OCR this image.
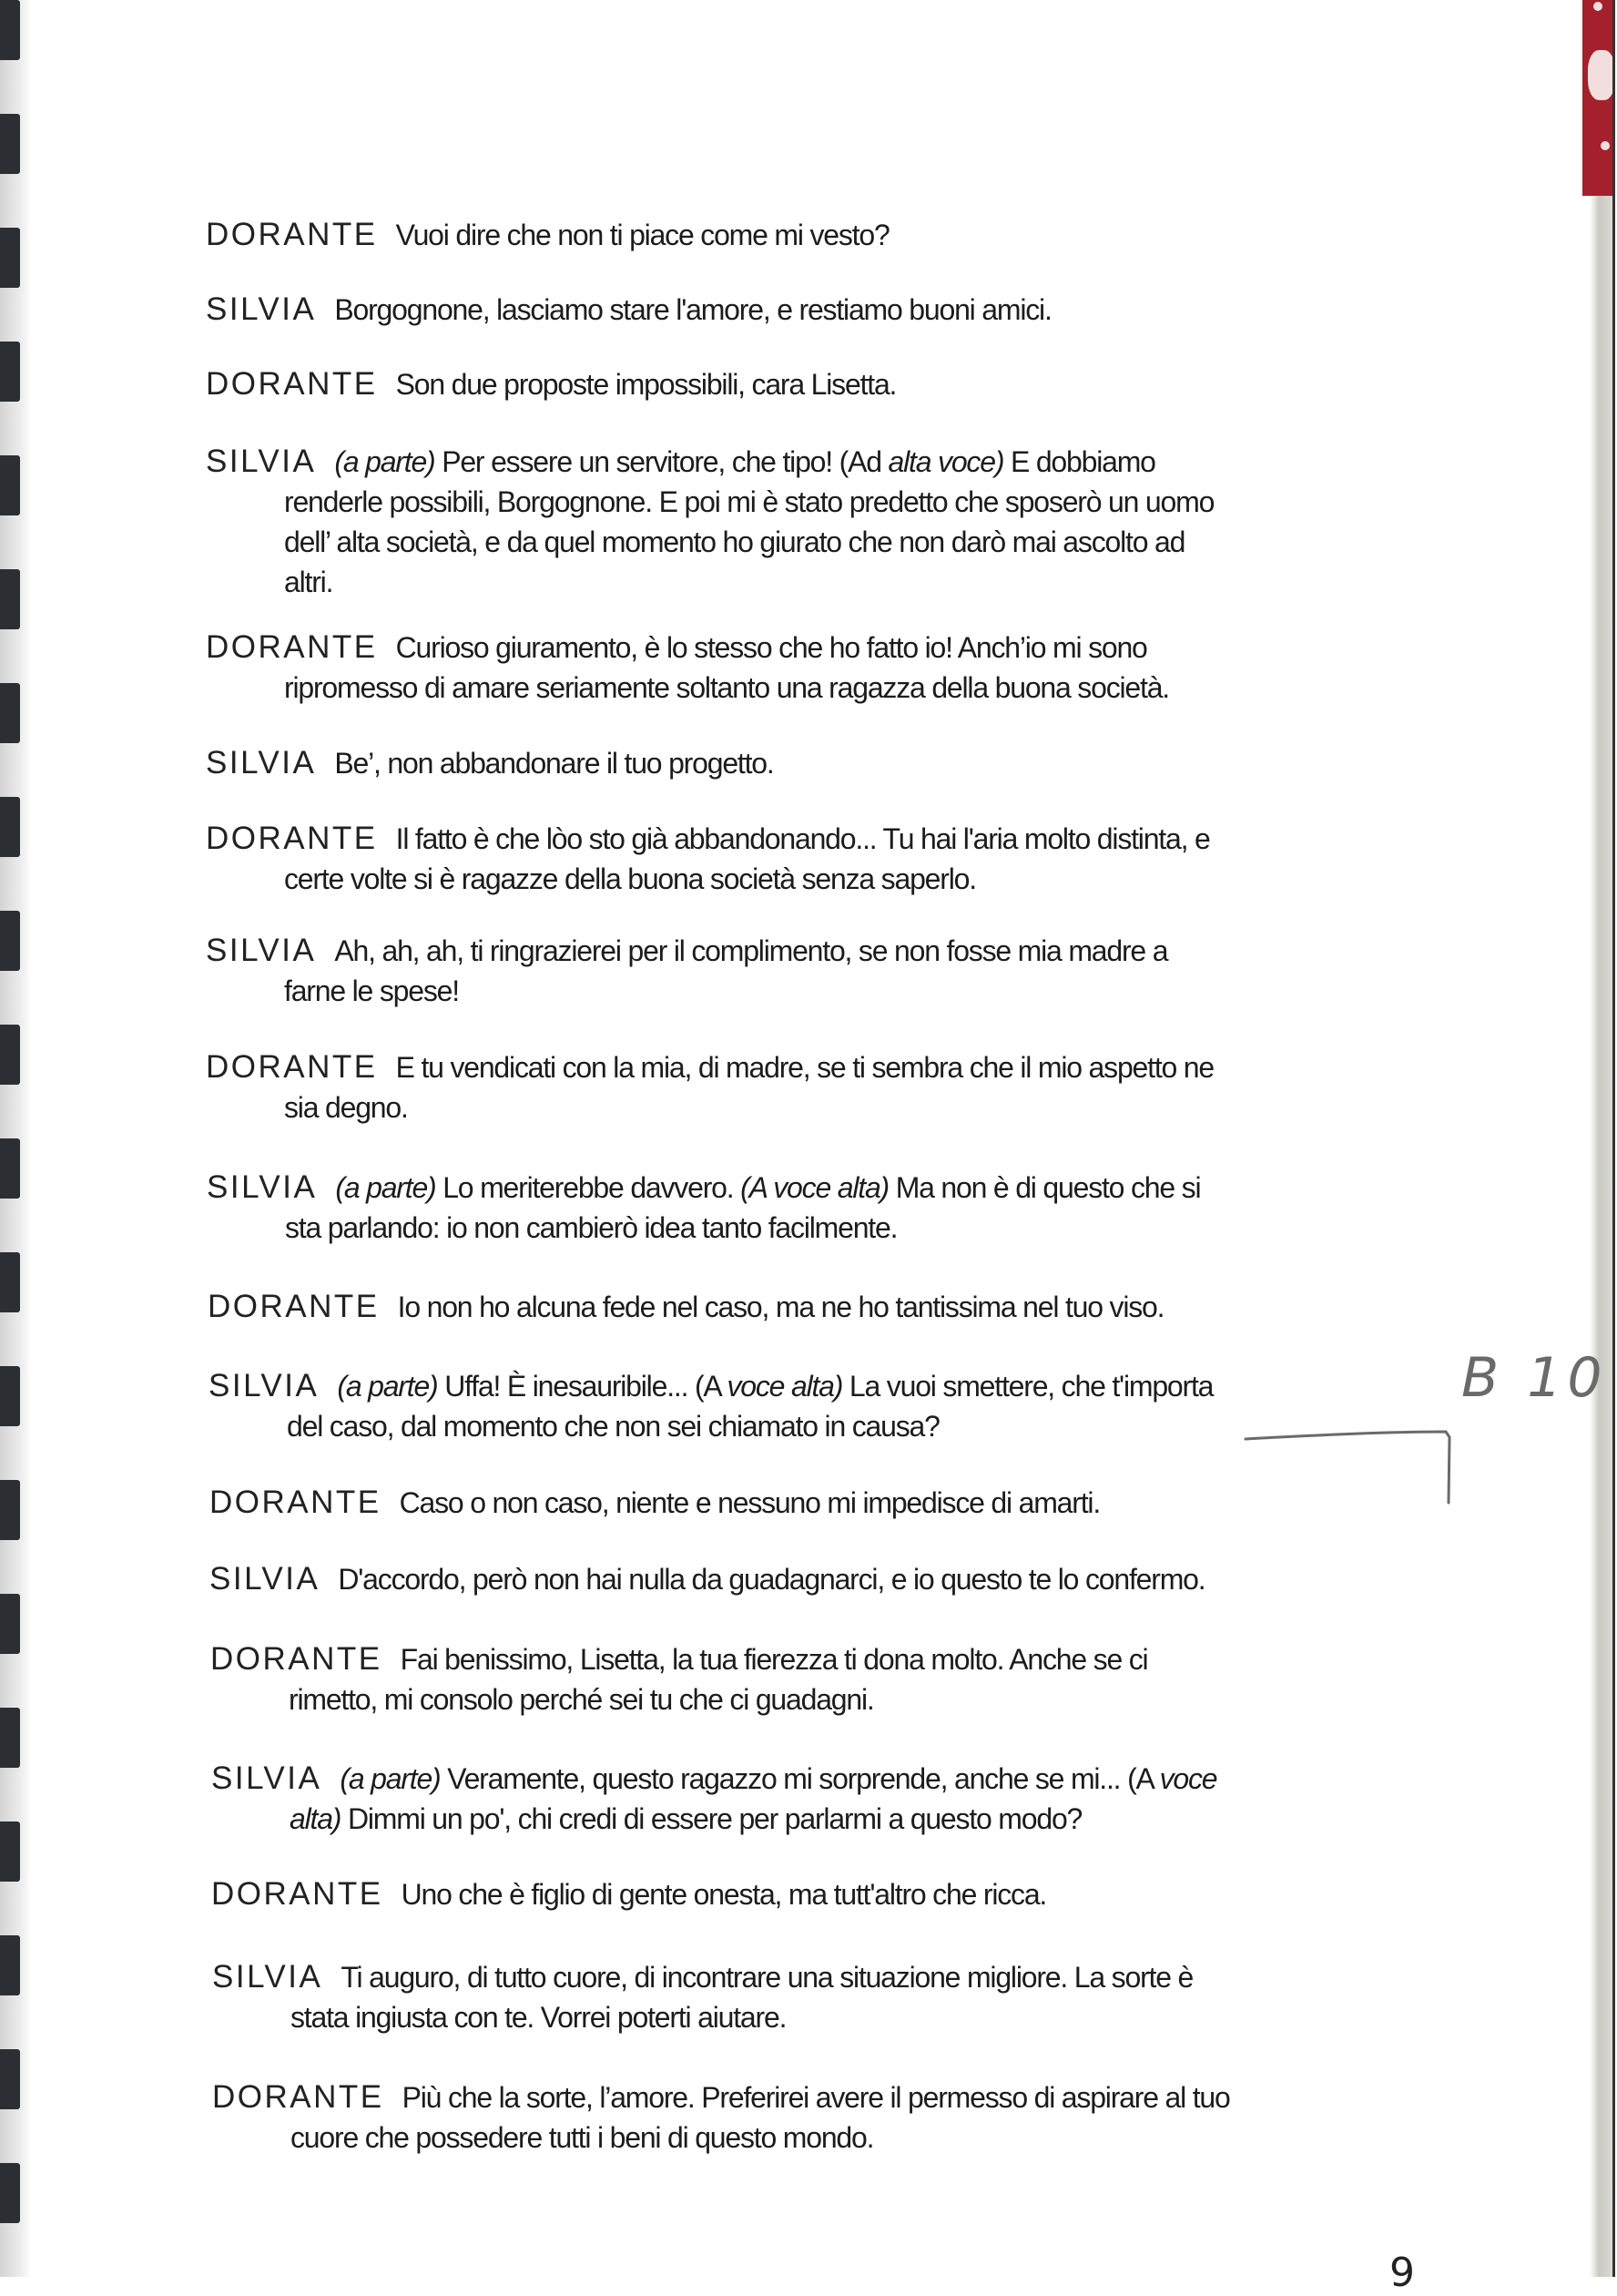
DORANTE Vuoi dire che non ti piace come mi vesto?
SILVIA Borgognone, lasciamo stare l'amore, e restiamo buoni amici.
DORANTE Son due proposte impossibili, cara Lisetta.
SILVIA (a parte) Per essere un servitore, che tipo! (Ad alta voce) E dobbiamo
renderle possibili, Borgognone. E poi mi è stato predetto che sposerò un uomo
dell’ alta società, e da quel momento ho giurato che non darò mai ascolto ad
altri.
DORANTE Curioso giuramento, è lo stesso che ho fatto io! Anch’io mi sono
ripromesso di amare seriamente soltanto una ragazza della buona società.
SILVIA Be’, non abbandonare il tuo progetto.
DORANTE Il fatto è che lòo sto già abbandonando... Tu hai l'aria molto distinta, e
certe volte si è ragazze della buona società senza saperlo.
SILVIA Ah, ah, ah, ti ringrazierei per il complimento, se non fosse mia madre a
farne le spese!
DORANTE E tu vendicati con la mia, di madre, se ti sembra che il mio aspetto ne
sia degno.
SILVIA (a parte) Lo meriterebbe davvero. (A voce alta) Ma non è di questo che si
sta parlando: io non cambierò idea tanto facilmente.
DORANTE Io non ho alcuna fede nel caso, ma ne ho tantissima nel tuo viso.
SILVIA (a parte) Uffa! È inesauribile... (A voce alta) La vuoi smettere, che t'importa
del caso, dal momento che non sei chiamato in causa?
DORANTE Caso o non caso, niente e nessuno mi impedisce di amarti.
SILVIA D'accordo, però non hai nulla da guadagnarci, e io questo te lo confermo.
DORANTE Fai benissimo, Lisetta, la tua fierezza ti dona molto. Anche se ci
rimetto, mi consolo perché sei tu che ci guadagni.
SILVIA (a parte) Veramente, questo ragazzo mi sorprende, anche se mi... (A voce
alta) Dimmi un po', chi credi di essere per parlarmi a questo modo?
DORANTE Uno che è figlio di gente onesta, ma tutt'altro che ricca.
SILVIA Ti auguro, di tutto cuore, di incontrare una situazione migliore. La sorte è
stata ingiusta con te. Vorrei poterti aiutare.
DORANTE Più che la sorte, l’amore. Preferirei avere il permesso di aspirare al tuo
cuore che possedere tutti i beni di questo mondo.
B 10
9
